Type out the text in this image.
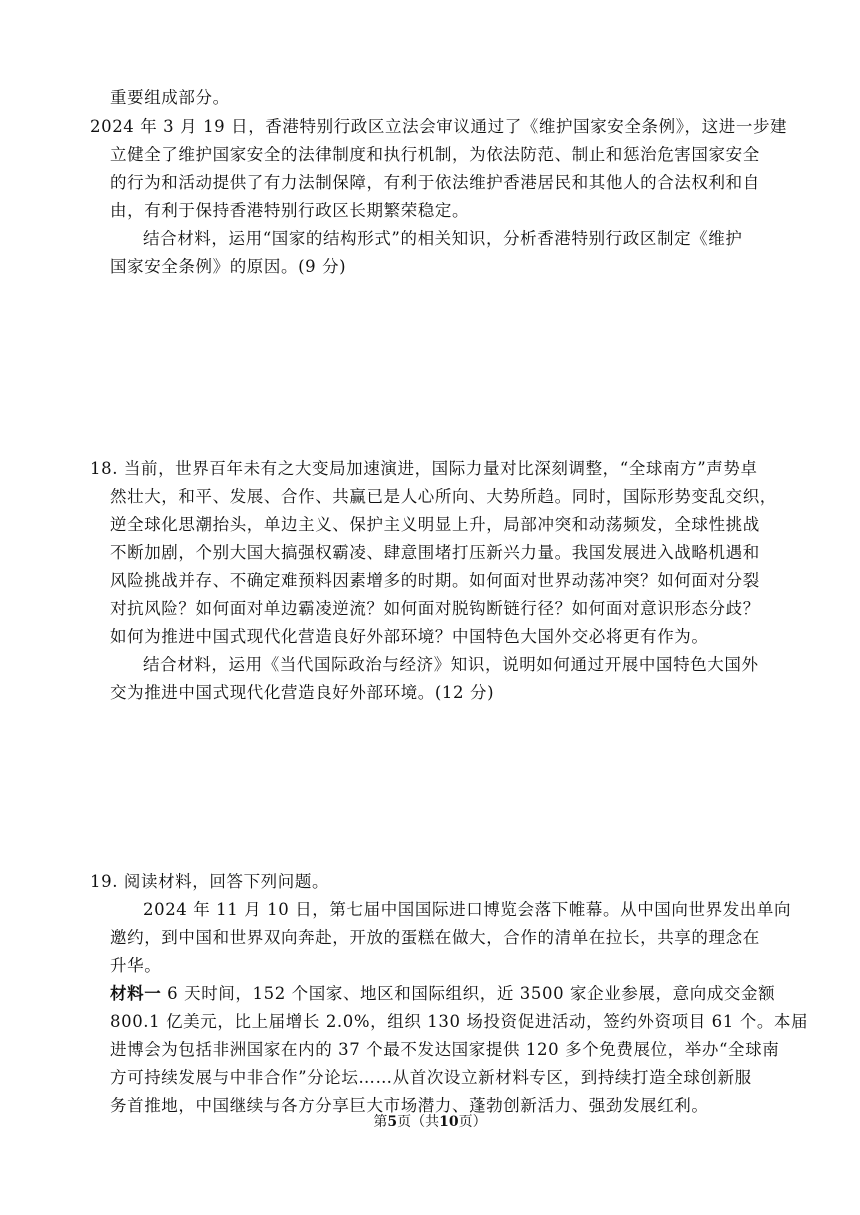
重要组成部分。
2024 年 3 月 19 日，香港特别行政区立法会审议通过了《维护国家安全条例》，这进一步建
立健全了维护国家安全的法律制度和执行机制，为依法防范、制止和惩治危害国家安全
的行为和活动提供了有力法制保障，有利于依法维护香港居民和其他人的合法权利和自
由，有利于保持香港特别行政区长期繁荣稳定。
结合材料，运用“国家的结构形式”的相关知识，分析香港特别行政区制定《维护
国家安全条例》的原因。(9 分)
18. 当前，世界百年未有之大变局加速演进，国际力量对比深刻调整，“全球南方”声势卓
然壮大，和平、发展、合作、共赢已是人心所向、大势所趋。同时，国际形势变乱交织，
逆全球化思潮抬头，单边主义、保护主义明显上升，局部冲突和动荡频发，全球性挑战
不断加剧，个别大国大搞强权霸凌、肆意围堵打压新兴力量。我国发展进入战略机遇和
风险挑战并存、不确定难预料因素增多的时期。如何面对世界动荡冲突？如何面对分裂
对抗风险？如何面对单边霸凌逆流？如何面对脱钩断链行径？如何面对意识形态分歧？
如何为推进中国式现代化营造良好外部环境？中国特色大国外交必将更有作为。
结合材料，运用《当代国际政治与经济》知识，说明如何通过开展中国特色大国外
交为推进中国式现代化营造良好外部环境。(12 分)
19. 阅读材料，回答下列问题。
2024 年 11 月 10 日，第七届中国国际进口博览会落下帷幕。从中国向世界发出单向
邀约，到中国和世界双向奔赴，开放的蛋糕在做大，合作的清单在拉长，共享的理念在
升华。
材料一 6 天时间，152 个国家、地区和国际组织，近 3500 家企业参展，意向成交金额
800.1 亿美元，比上届增长 2.0%，组织 130 场投资促进活动，签约外资项目 61 个。本届
进博会为包括非洲国家在内的 37 个最不发达国家提供 120 多个免费展位，举办“全球南
方可持续发展与中非合作”分论坛……从首次设立新材料专区，到持续打造全球创新服
务首推地，中国继续与各方分享巨大市场潜力、蓬勃创新活力、强劲发展红利。
第5页（共10页）
